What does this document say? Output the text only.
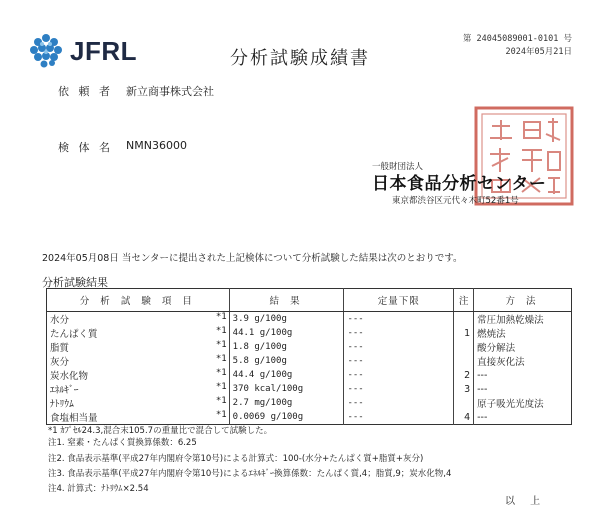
JFRL	分析試験成績書
第 24045089001-0101 号
2024年05月21日
依 頼 者 新立商事株式会社
検 体 名 NMN36000
一般財団法人
日本食品分析センター
東京都渋谷区元代々木町52番1号
2024年05月08日 当センターに提出された上記検体について分析試験した結果は次のとおりです。
分析試験結果
分 析 試 験 項 目	結 果	定量下限	注	方 法
水分 *1	3.9 g/100g	---		常圧加熱乾燥法
たんぱく質 *1	44.1 g/100g	---	1	燃焼法
脂質 *1	1.8 g/100g	---		酸分解法
灰分 *1	5.8 g/100g	---		直接灰化法
炭水化物 *1	44.4 g/100g	---	2	---
ｴﾈﾙｷﾞｰ *1	370 kcal/100g	---	3	---
ﾅﾄﾘｳﾑ *1	2.7 mg/100g	---		原子吸光光度法
食塩相当量 *1	0.0069 g/100g	---	4	---
*1 ｶﾌﾟｾﾙ24.3,混合末105.7の重量比で混合して試験した。
注1. 窒素・たんぱく質換算係数：6.25
注2. 食品表示基準(平成27年内閣府令第10号)による計算式：100-(水分+たんぱく質+脂質+灰分)
注3. 食品表示基準(平成27年内閣府令第10号)によるｴﾈﾙｷﾞｰ換算係数：たんぱく質,4；脂質,9；炭水化物,4
注4. 計算式：ﾅﾄﾘｳﾑ×2.54
以 上
